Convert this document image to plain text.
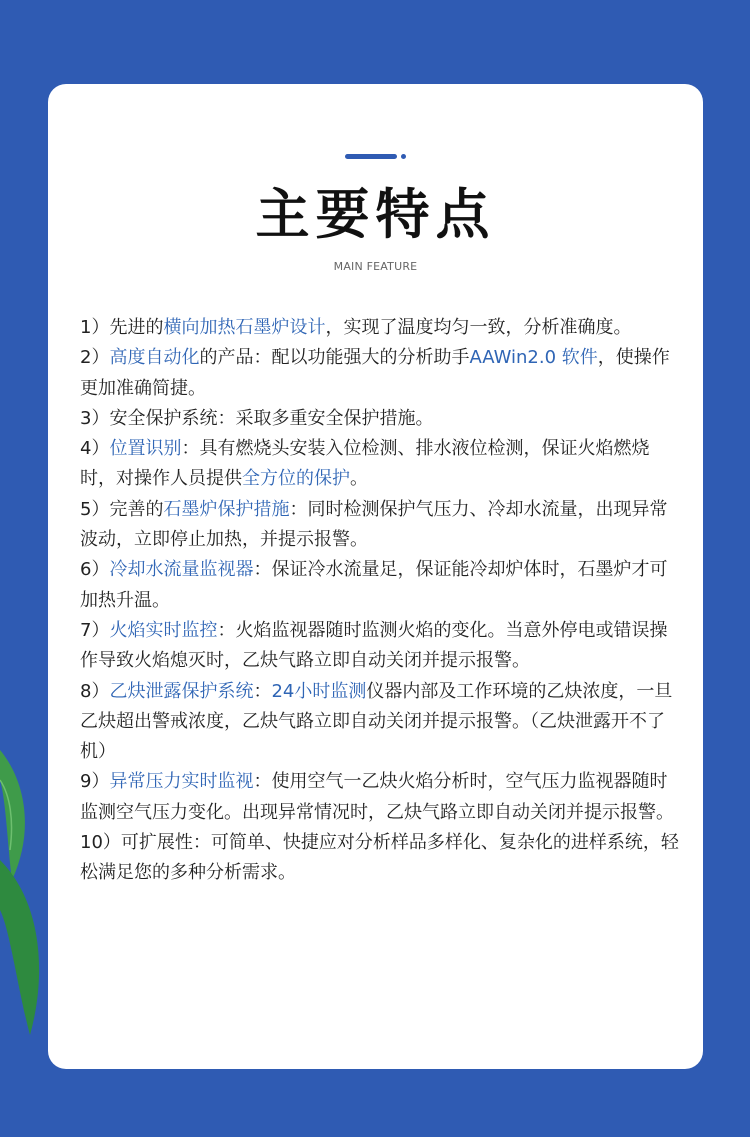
主要特点
MAIN FEATURE
1）先进的横向加热石墨炉设计，实现了温度均匀一致，分析准确度。
2）高度自动化的产品：配以功能强大的分析助手AAWin2.0 软件，使操作更加准确简捷。
3）安全保护系统：采取多重安全保护措施。
4）位置识别：具有燃烧头安装入位检测、排水液位检测，保证火焰燃烧时，对操作人员提供全方位的保护。
5）完善的石墨炉保护措施：同时检测保护气压力、冷却水流量，出现异常波动，立即停止加热，并提示报警。
6）冷却水流量监视器：保证冷水流量足，保证能冷却炉体时，石墨炉才可加热升温。
7）火焰实时监控：火焰监视器随时监测火焰的变化。当意外停电或错误操作导致火焰熄灭时，乙炔气路立即自动关闭并提示报警。
8）乙炔泄露保护系统：24小时监测仪器内部及工作环境的乙炔浓度，一旦乙炔超出警戒浓度，乙炔气路立即自动关闭并提示报警。（乙炔泄露开不了机）
9）异常压力实时监视：使用空气一乙炔火焰分析时，空气压力监视器随时监测空气压力变化。出现异常情况时，乙炔气路立即自动关闭并提示报警。
10）可扩展性：可简单、快捷应对分析样品多样化、复杂化的进样系统，轻松满足您的多种分析需求。
